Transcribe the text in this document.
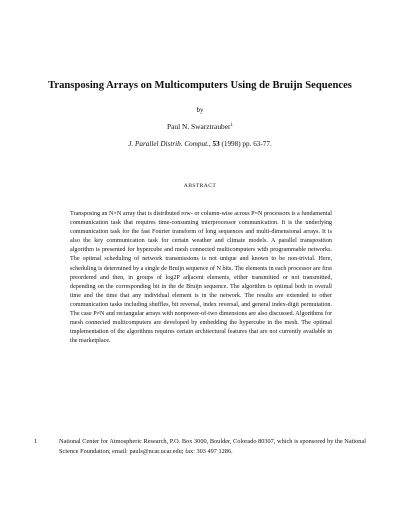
Transposing Arrays on Multicomputers Using de Bruijn Sequences
by
Paul N. Swarztrauber$^1$
J. Parallel Distrib. Comput., 53 (1998) pp. 63-77.
ABSTRACT
Transposing an N×N array that is distributed row- or column-wise across P=N processors is a fundamental communication task that requires time-consuming interprocessor communication. It is the underlying communication task for the fast Fourier transform of long sequences and multi-dimensional arrays. It is also the key communication task for certain weather and climate models. A parallel transposition algorithm is presented for hypercube and mesh connected multicomputers with programmable networks. The optimal scheduling of network transmissions is not unique and known to be non-trivial. Here, scheduling is determined by a single de Bruijn sequence of N bits. The elements in each processor are first preordered and then, in groups of log2P adjacent elements, either transmitted or not transmitted, depending on the corresponding bit in the de Bruijn sequence. The algorithm is optimal both in overall time and the time that any individual element is in the network. The results are extended to other communication tasks including shuffles, bit reversal, index reversal, and general index-digit permutation. The case P≠N and rectangular arrays with nonpower-of-two dimensions are also discussed. Algorithms for mesh connected multicomputers are developed by embedding the hypercube in the mesh. The optimal implementation of the algorithms requires certain architectural features that are not currently available in the marketplace.
1	National Center for Atmospheric Research, P.O. Box 3000, Boulder, Colorado 80307, which is sponsored by the National Science Foundation; email: pauls@ncar.ucar.edu; fax: 303 497 1286.
